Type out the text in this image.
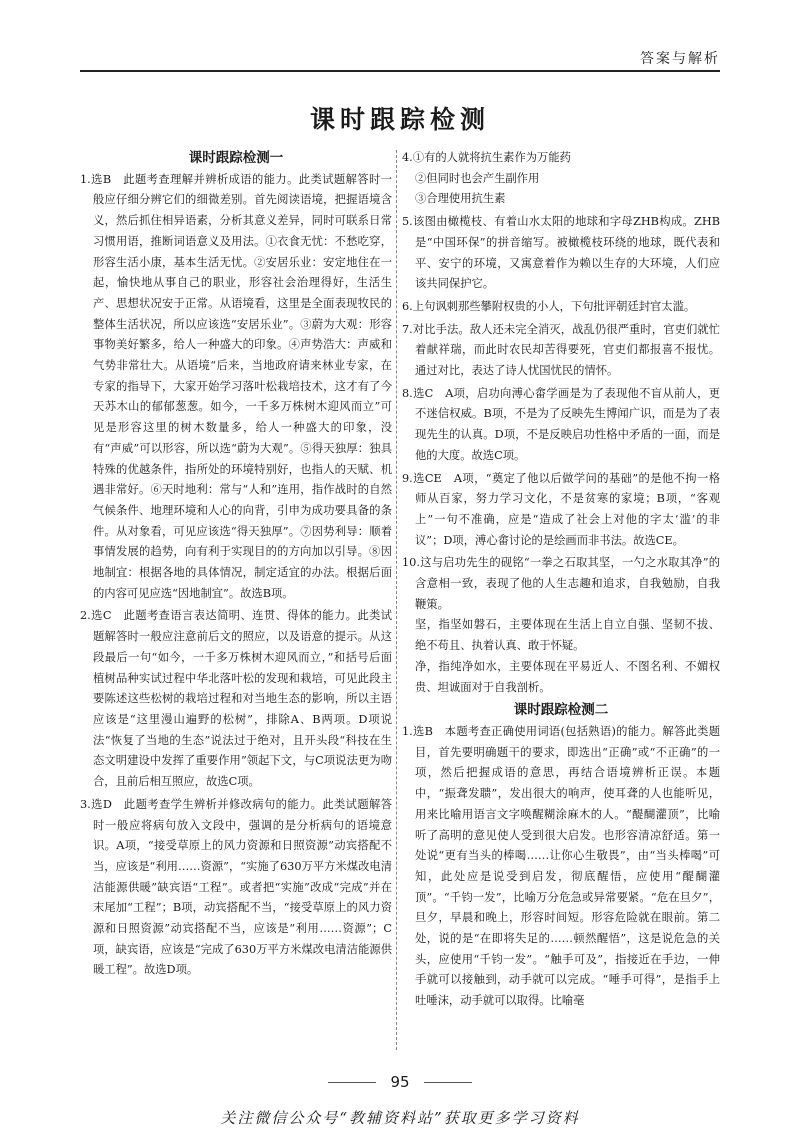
答案与解析
课时跟踪检测
课时跟踪检测一

1.选B　此题考查理解并辨析成语的能力。此类试题解答时一般应仔细分辨它们的细微差别。首先阅读语境，把握语境含义，然后抓住相异语素，分析其意义差异，同时可联系日常习惯用语，推断词语意义及用法。①衣食无忧：不愁吃穿，形容生活小康，基本生活无忧。②安居乐业：安定地住在一起，愉快地从事自己的职业，形容社会治理得好，生活生产、思想状况安于正常。从语境看，这里是全面表现牧民的整体生活状况，所以应该选“安居乐业”。③蔚为大观：形容事物美好繁多，给人一种盛大的印象。④声势浩大：声威和气势非常壮大。从语境“后来，当地政府请来林业专家，在专家的指导下，大家开始学习落叶松栽培技术，这才有了今天苏木山的郁郁葱葱。如今，一千多万株树木迎风而立”可见是形容这里的树木数量多，给人一种盛大的印象，没有“声威”可以形容，所以选“蔚为大观”。⑤得天独厚：独具特殊的优越条件，指所处的环境特别好，也指人的天赋、机遇非常好。⑥天时地利：常与“人和”连用，指作战时的自然气候条件、地理环境和人心的向背，引申为成功要具备的条件。从对象看，可见应该选“得天独厚”。⑦因势利导：顺着事情发展的趋势，向有利于实现目的的方向加以引导。⑧因地制宜：根据各地的具体情况，制定适宜的办法。根据后面的内容可见应选“因地制宜”。故选B项。

2.选C　此题考查语言表达简明、连贯、得体的能力。此类试题解答时一般应注意前后文的照应，以及语意的提示。从这段最后一句“如今，一千多万株树木迎风而立，”和括号后面植树品种实试过程中华北落叶松的发现和栽培，可见此段主要陈述这些松树的栽培过程和对当地生态的影响，所以主语应该是“这里漫山遍野的松树”，排除A、B两项。D项说法“恢复了当地的生态”说法过于绝对，且开头段“科技在生态文明建设中发挥了重要作用”领起下文，与C项说法更为吻合，且前后相互照应，故选C项。

3.选D　此题考查学生辨析并修改病句的能力。此类试题解答时一般应将病句放入文段中，强调的是分析病句的语境意识。A项，“接受草原上的风力资源和日照资源”动宾搭配不当，应该是“利用……资源”，“实施了630万平方米煤改电清洁能源供暖”缺宾语“工程”。或者把“实施”改成“完成”并在末尾加“工程”；B项，动宾搭配不当，“接受草原上的风力资源和日照资源”动宾搭配不当，应该是“利用……资源”；C项，缺宾语，应该是“完成了630万平方米煤改电清洁能源供暖工程”。故选D项。

4.①有的人就将抗生素作为万能药

②但同时也会产生副作用

③合理使用抗生素

5.该图由橄榄枝、有着山水太阳的地球和字母ZHB构成。ZHB是“中国环保”的拼音缩写。被橄榄枝环绕的地球，既代表和平、安宁的环境，又寓意着作为赖以生存的大环境，人们应该共同保护它。

6.上句讽刺那些攀附权贵的小人，下句批评朝廷封官太滥。

7.对比手法。敌人还未完全消灭，战乱仍很严重时，官吏们就忙着献祥瑞，而此时农民却苦得要死，官吏们都报喜不报忧。通过对比，表达了诗人忧国忧民的情怀。

8.选C　A项，启功向溥心畬学画是为了表现他不盲从前人，更不迷信权威。B项，不是为了反映先生博闻广识，而是为了表现先生的认真。D项，不是反映启功性格中矛盾的一面，而是他的大度。故选C项。

9.选CE　A项，“奠定了他以后做学问的基础”的是他不拘一格师从百家，努力学习文化，不是贫寒的家境；B项，“客观上”一句不准确，应是“造成了社会上对他的字太‘滥’的非议”；D项，溥心畬讨论的是绘画而非书法。故选CE。

10.这与启功先生的砚铭“一拳之石取其坚，一勺之水取其净”的含意相一致，表现了他的人生志趣和追求，自我勉励，自我鞭策。

坚，指坚如磐石，主要体现在生活上自立自强、坚韧不拔、绝不苟且、执着认真、敢于怀疑。

净，指纯净如水，主要体现在平易近人、不图名利、不媚权贵、坦诚面对于自我剖析。

课时跟踪检测二

1.选B　本题考查正确使用词语(包括熟语)的能力。解答此类题目，首先要明确题干的要求，即选出“正确”或“不正确”的一项，然后把握成语的意思，再结合语境辨析正误。本题中，“振聋发聩”，发出很大的响声，使耳聋的人也能听见，用来比喻用语言文字唤醒糊涂麻木的人。“醍醐灌顶”，比喻听了高明的意见使人受到很大启发。也形容清凉舒适。第一处说“更有当头的棒喝……让你心生敬畏”，由“当头棒喝”可知，此处应是说受到启发，彻底醒悟，应使用“醍醐灌顶”。“千钧一发”，比喻万分危急或异常要紧。“危在旦夕”，旦夕，早晨和晚上，形容时间短。形容危险就在眼前。第二处，说的是“在即将失足的……顿然醒悟”，这是说危急的关头，应使用“千钧一发”。“触手可及”，指接近在手边，一伸手就可以接触到，动手就可以完成。“唾手可得”，是指手上吐唾沫，动手就可以取得。比喻毫

95
关注微信公众号“教辅资料站”获取更多学习资料
